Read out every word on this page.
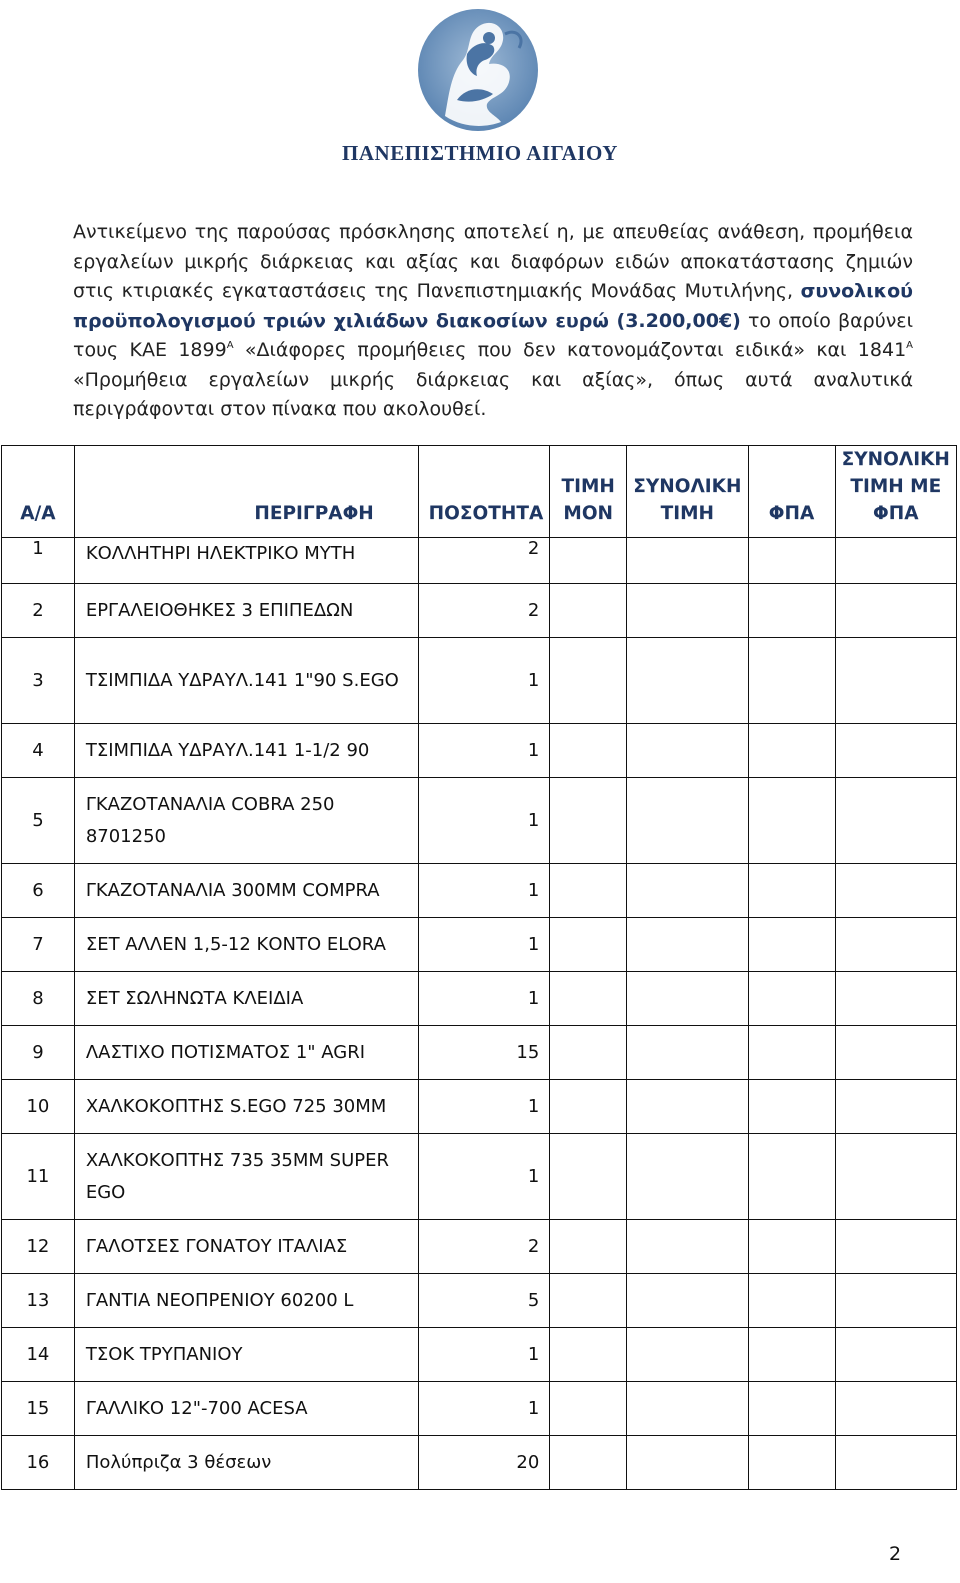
ΠΑΝΕΠΙΣΤΗΜΙΟ ΑΙΓΑΙΟΥ
Αντικείμενο της παρούσας πρόσκλησης αποτελεί η, με απευθείας ανάθεση, προμήθεια εργαλείων μικρής διάρκειας και αξίας και διαφόρων ειδών αποκατάστασης ζημιών στις κτιριακές εγκαταστάσεις της Πανεπιστημιακής Μονάδας Μυτιλήνης, συνολικού προϋπολογισμού τριών χιλιάδων διακοσίων ευρώ (3.200,00€) το οποίο βαρύνει τους ΚΑΕ $1899^A$ «Διάφορες προμήθειες που δεν κατονομάζονται ειδικά» και $1841^A$ «Προμήθεια εργαλείων μικρής διάρκειας και αξίας», όπως αυτά αναλυτικά περιγράφονται στον πίνακα που ακολουθεί.
Α/Α	ΠΕΡΙΓΡΑΦΗ	ΠΟΣΟΤΗΤΑ	ΤΙΜΗ ΜΟΝ	ΣΥΝΟΛΙΚΗ ΤΙΜΗ	ΦΠΑ	ΣΥΝΟΛΙΚΗ ΤΙΜΗ ΜΕ ΦΠΑ
1	ΚΟΛΛΗΤΗΡΙ ΗΛΕΚΤΡΙΚΟ ΜΥΤΗ	2				
2	ΕΡΓΑΛΕΙΟΘΗΚΕΣ 3 ΕΠΙΠΕΔΩΝ	2				
3	ΤΣΙΜΠΙΔΑ ΥΔΡΑΥΛ.141 1"90 S.EGO	1				
4	ΤΣΙΜΠΙΔΑ ΥΔΡΑΥΛ.141 1-1/2 90	1				
5	ΓΚΑΖΟΤΑΝΑΛΙΑ COBRA 250 8701250	1				
6	ΓΚΑΖΟΤΑΝΑΛΙΑ 300ΜΜ COMPRA	1				
7	ΣΕΤ ΑΛΛΕΝ 1,5-12 ΚΟΝΤΟ ELORA	1				
8	ΣΕΤ ΣΩΛΗΝΩΤΑ ΚΛΕΙΔΙΑ	1				
9	ΛΑΣΤΙΧΟ ΠΟΤΙΣΜΑΤΟΣ 1" AGRI	15				
10	ΧΑΛΚΟΚΟΠΤΗΣ S.EGO 725 30ΜΜ	1				
11	ΧΑΛΚΟΚΟΠΤΗΣ 735 35ΜΜ SUPER EGO	1				
12	ΓΑΛΟΤΣΕΣ ΓΟΝΑΤΟΥ ΙΤΑΛΙΑΣ	2				
13	ΓΑΝΤΙΑ ΝΕΟΠΡΕΝΙΟΥ 60200 L	5				
14	ΤΣΟΚ ΤΡΥΠΑΝΙΟΥ	1				
15	ΓΑΛΛΙΚΟ 12"-700 ACESA	1				
16	Πολύπριζα 3 θέσεων	20				
2
